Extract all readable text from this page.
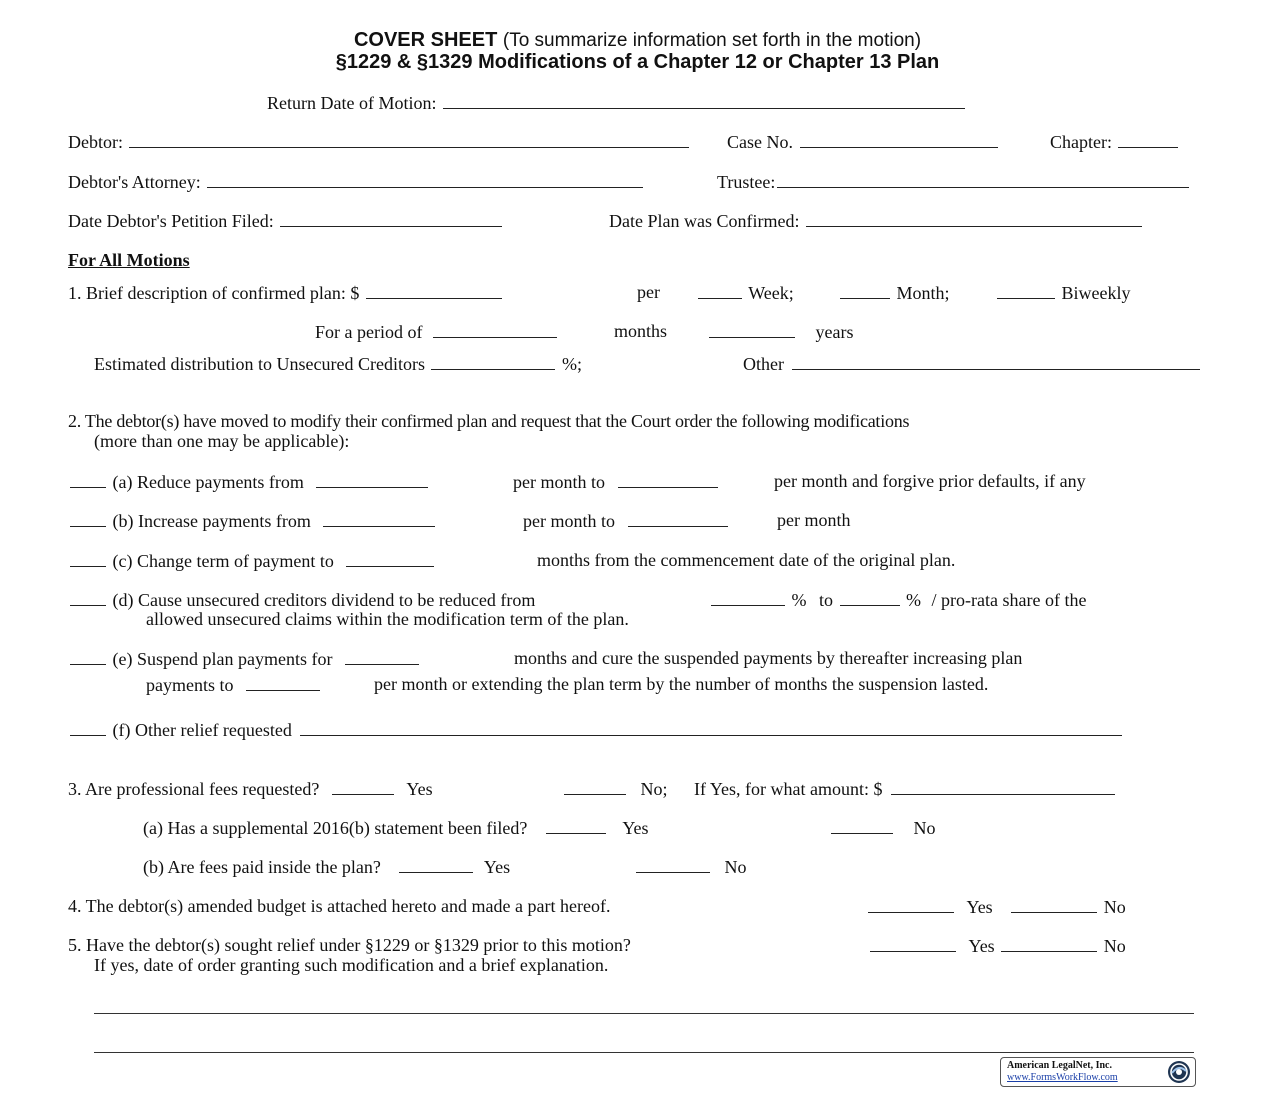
COVER SHEET (To summarize information set forth in the motion)
§1229 & §1329 Modifications of a Chapter 12 or Chapter 13 Plan
Return Date of Motion:
Debtor:	Case No.	Chapter:
Debtor's Attorney:	Trustee:
Date Debtor's Petition Filed:	Date Plan was Confirmed:
For All Motions
1. Brief description of confirmed plan: $	per	Week;	Month;	Biweekly
For a period of	months	years
Estimated distribution to Unsecured Creditors	%;	Other
2. The debtor(s) have moved to modify their confirmed plan and request that the Court order the following modifications
(more than one may be applicable):
(a) Reduce payments from	per month to	per month and forgive prior defaults, if any
(b) Increase payments from	per month to	per month
(c) Change term of payment to	months from the commencement date of the original plan.
(d) Cause unsecured creditors dividend to be reduced from	% to	% / pro-rata share of the
allowed unsecured claims within the modification term of the plan.
(e) Suspend plan payments for	months and cure the suspended payments by thereafter increasing plan
payments to	per month or extending the plan term by the number of months the suspension lasted.
(f) Other relief requested
3. Are professional fees requested?	Yes	No; If Yes, for what amount: $
(a) Has a supplemental 2016(b) statement been filed?	Yes	No
(b) Are fees paid inside the plan?	Yes	No
4. The debtor(s) amended budget is attached hereto and made a part hereof.	Yes	No
5. Have the debtor(s) sought relief under §1229 or §1329 prior to this motion?	Yes	No
If yes, date of order granting such modification and a brief explanation.
American LegalNet, Inc.
www.FormsWorkFlow.com
